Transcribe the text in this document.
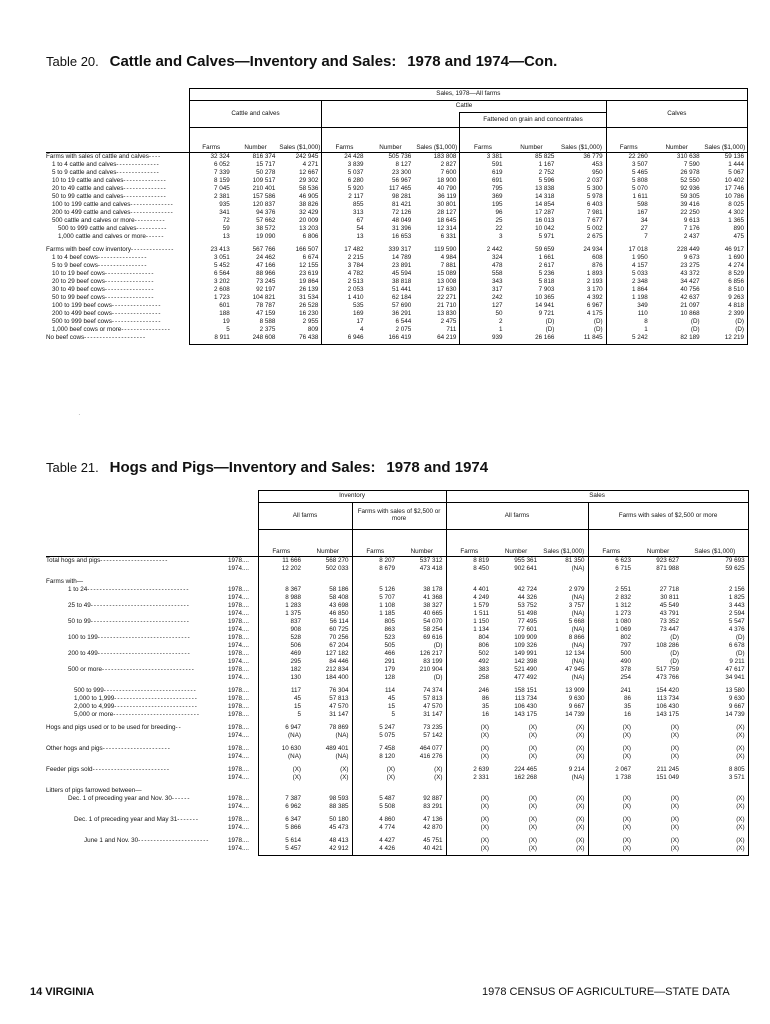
Table 20. Cattle and Calves—Inventory and Sales: 1978 and 1974—Con.
	Sales, 1978—All farms											
	Cattle and calves			Cattle						Calves		
							Fattened on grain and concentrates					
	Farms	Number	Sales ($1,000)	Farms	Number	Sales ($1,000)	Farms	Number	Sales ($1,000)	Farms	Number	Sales ($1,000)
Farms with sales of cattle and calves----	32 324	816 374	242 945	24 428	505 736	183 808	3 381	85 825	36 779	22 260	310 638	59 136
1 to 4 cattle and calves--------------	6 052	15 717	4 271	3 839	8 127	2 827	591	1 167	453	3 507	7 590	1 444
5 to 9 cattle and calves--------------	7 339	50 278	12 667	5 037	23 300	7 600	619	2 752	950	5 465	26 978	5 067
10 to 19 cattle and calves--------------	8 159	109 517	29 302	6 280	56 967	18 900	691	5 596	2 037	5 808	52 550	10 402
20 to 49 cattle and calves--------------	7 045	210 401	58 536	5 920	117 465	40 790	795	13 838	5 300	5 070	92 936	17 746
50 to 99 cattle and calves--------------	2 381	157 586	46 905	2 117	98 281	36 119	369	14 318	5 978	1 611	59 305	10 786
100 to 199 cattle and calves--------------	935	120 837	38 826	855	81 421	30 801	195	14 854	6 403	598	39 416	8 025
200 to 499 cattle and calves--------------	341	94 376	32 429	313	72 126	28 127	96	17 287	7 981	167	22 250	4 302
500 cattle and calves or more----------	72	57 662	20 009	67	48 049	18 645	25	16 013	7 677	34	9 613	1 365
500 to 999 cattle and calves----------	59	38 572	13 203	54	31 396	12 314	22	10 042	5 002	27	7 176	890
1,000 cattle and calves or more------	13	19 090	6 806	13	16 653	6 331	3	5 971	2 675	7	2 437	475

Farms with beef cow inventory--------------	23 413	567 766	166 507	17 482	339 317	119 590	2 442	59 659	24 934	17 018	228 449	46 917
1 to 4 beef cows----------------	3 051	24 462	6 674	2 215	14 789	4 984	324	1 661	608	1 950	9 673	1 690
5 to 9 beef cows----------------	5 452	47 166	12 155	3 784	23 891	7 881	478	2 617	876	4 157	23 275	4 274
10 to 19 beef cows----------------	6 564	88 966	23 619	4 782	45 594	15 089	558	5 236	1 893	5 033	43 372	8 529
20 to 29 beef cows----------------	3 202	73 245	19 864	2 513	38 818	13 008	343	5 818	2 193	2 348	34 427	6 856
30 to 49 beef cows----------------	2 608	92 197	26 139	2 053	51 441	17 630	317	7 903	3 170	1 864	40 756	8 510
50 to 99 beef cows----------------	1 723	104 821	31 534	1 410	62 184	22 271	242	10 365	4 392	1 198	42 637	9 263
100 to 199 beef cows----------------	601	78 787	26 528	535	57 690	21 710	127	14 941	6 967	349	21 097	4 818
200 to 499 beef cows----------------	188	47 159	16 230	169	36 291	13 830	50	9 721	4 175	110	10 868	2 399
500 to 999 beef cows----------------	19	8 588	2 955	17	6 544	2 475	2	(D)	(D)	8	(D)	(D)
1,000 beef cows or more----------------	5	2 375	809	4	2 075	711	1	(D)	(D)	1	(D)	(D)
No beef cows--------------------	8 911	248 608	76 438	6 946	166 419	64 219	939	26 166	11 845	5 242	82 189	12 219

·
Table 21. Hogs and Pigs—Inventory and Sales: 1978 and 1974
		Inventory				Sales					
		All farms		Farms with sales of $2,500 or more		All farms			Farms with sales of $2,500 or more		
		Farms	Number	Farms	Number	Farms	Number	Sales ($1,000)	Farms	Number	Sales ($1,000)
Total hogs and pigs----------------------	1978....	11 666	568 270	8 207	537 312	8 819	955 361	81 350	6 623	923 627	79 693
	1974....	12 202	502 033	8 679	473 418	8 450	902 641	(NA)	6 715	871 988	59 625

Farms with—											
1 to 24---------------------------------	1978....	8 367	58 186	5 126	38 178	4 401	42 724	2 979	2 551	27 718	2 156
	1974....	8 988	58 408	5 707	41 368	4 249	44 326	(NA)	2 832	30 811	1 825
25 to 49--------------------------------	1978....	1 283	43 698	1 108	38 327	1 579	53 752	3 757	1 312	45 549	3 443
	1974....	1 375	46 850	1 185	40 665	1 511	51 498	(NA)	1 273	43 791	2 594
50 to 99--------------------------------	1978....	837	56 114	805	54 070	1 150	77 495	5 668	1 080	73 352	5 547
	1974....	908	60 725	863	58 254	1 134	77 601	(NA)	1 069	73 447	4 376
100 to 199------------------------------	1978....	528	70 256	523	69 616	804	109 909	8 866	802	(D)	(D)
	1974....	506	67 204	505	(D)	806	109 326	(NA)	797	108 286	6 678
200 to 499------------------------------	1978....	469	127 182	466	126 217	502	149 991	12 134	500	(D)	(D)
	1974....	295	84 446	291	83 199	492	142 398	(NA)	490	(D)	9 211
500 or more------------------------------	1978....	182	212 834	179	210 904	383	521 490	47 945	378	517 759	47 617
	1974....	130	184 400	128	(D)	258	477 492	(NA)	254	473 766	34 941

500 to 999------------------------------	1978....	117	76 304	114	74 374	246	158 151	13 909	241	154 420	13 580
1,000 to 1,999---------------------------	1978....	45	57 813	45	57 813	86	113 734	9 630	86	113 734	9 630
2,000 to 4,999---------------------------	1978....	15	47 570	15	47 570	35	106 430	9 667	35	106 430	9 667
5,000 or more----------------------------	1978....	5	31 147	5	31 147	16	143 175	14 739	16	143 175	14 739

Hogs and pigs used or to be used for breeding--	1978....	6 947	78 869	5 247	73 235	(X)	(X)	(X)	(X)	(X)	(X)
	1974....	(NA)	(NA)	5 075	57 142	(X)	(X)	(X)	(X)	(X)	(X)

Other hogs and pigs----------------------	1978....	10 630	489 401	7 458	464 077	(X)	(X)	(X)	(X)	(X)	(X)
	1974....	(NA)	(NA)	8 120	416 276	(X)	(X)	(X)	(X)	(X)	(X)

Feeder pigs sold-------------------------	1978....	(X)	(X)	(X)	(X)	2 639	224 465	9 214	2 067	211 245	8 805
	1974....	(X)	(X)	(X)	(X)	2 331	162 268	(NA)	1 738	151 049	3 571

Litters of pigs farrowed between—											
Dec. 1 of preceding year and Nov. 30------	1978....	7 387	98 593	5 487	92 887	(X)	(X)	(X)	(X)	(X)	(X)
	1974....	6 962	88 385	5 508	83 291	(X)	(X)	(X)	(X)	(X)	(X)

Dec. 1 of preceding year and May 31-------	1978....	6 347	50 180	4 860	47 136	(X)	(X)	(X)	(X)	(X)	(X)
	1974....	5 866	45 473	4 774	42 870	(X)	(X)	(X)	(X)	(X)	(X)

June 1 and Nov. 30-----------------------	1978....	5 614	48 413	4 427	45 751	(X)	(X)	(X)	(X)	(X)	(X)
	1974....	5 457	42 912	4 426	40 421	(X)	(X)	(X)	(X)	(X)	(X)

14 VIRGINIA	1978 CENSUS OF AGRICULTURE—STATE DATA
